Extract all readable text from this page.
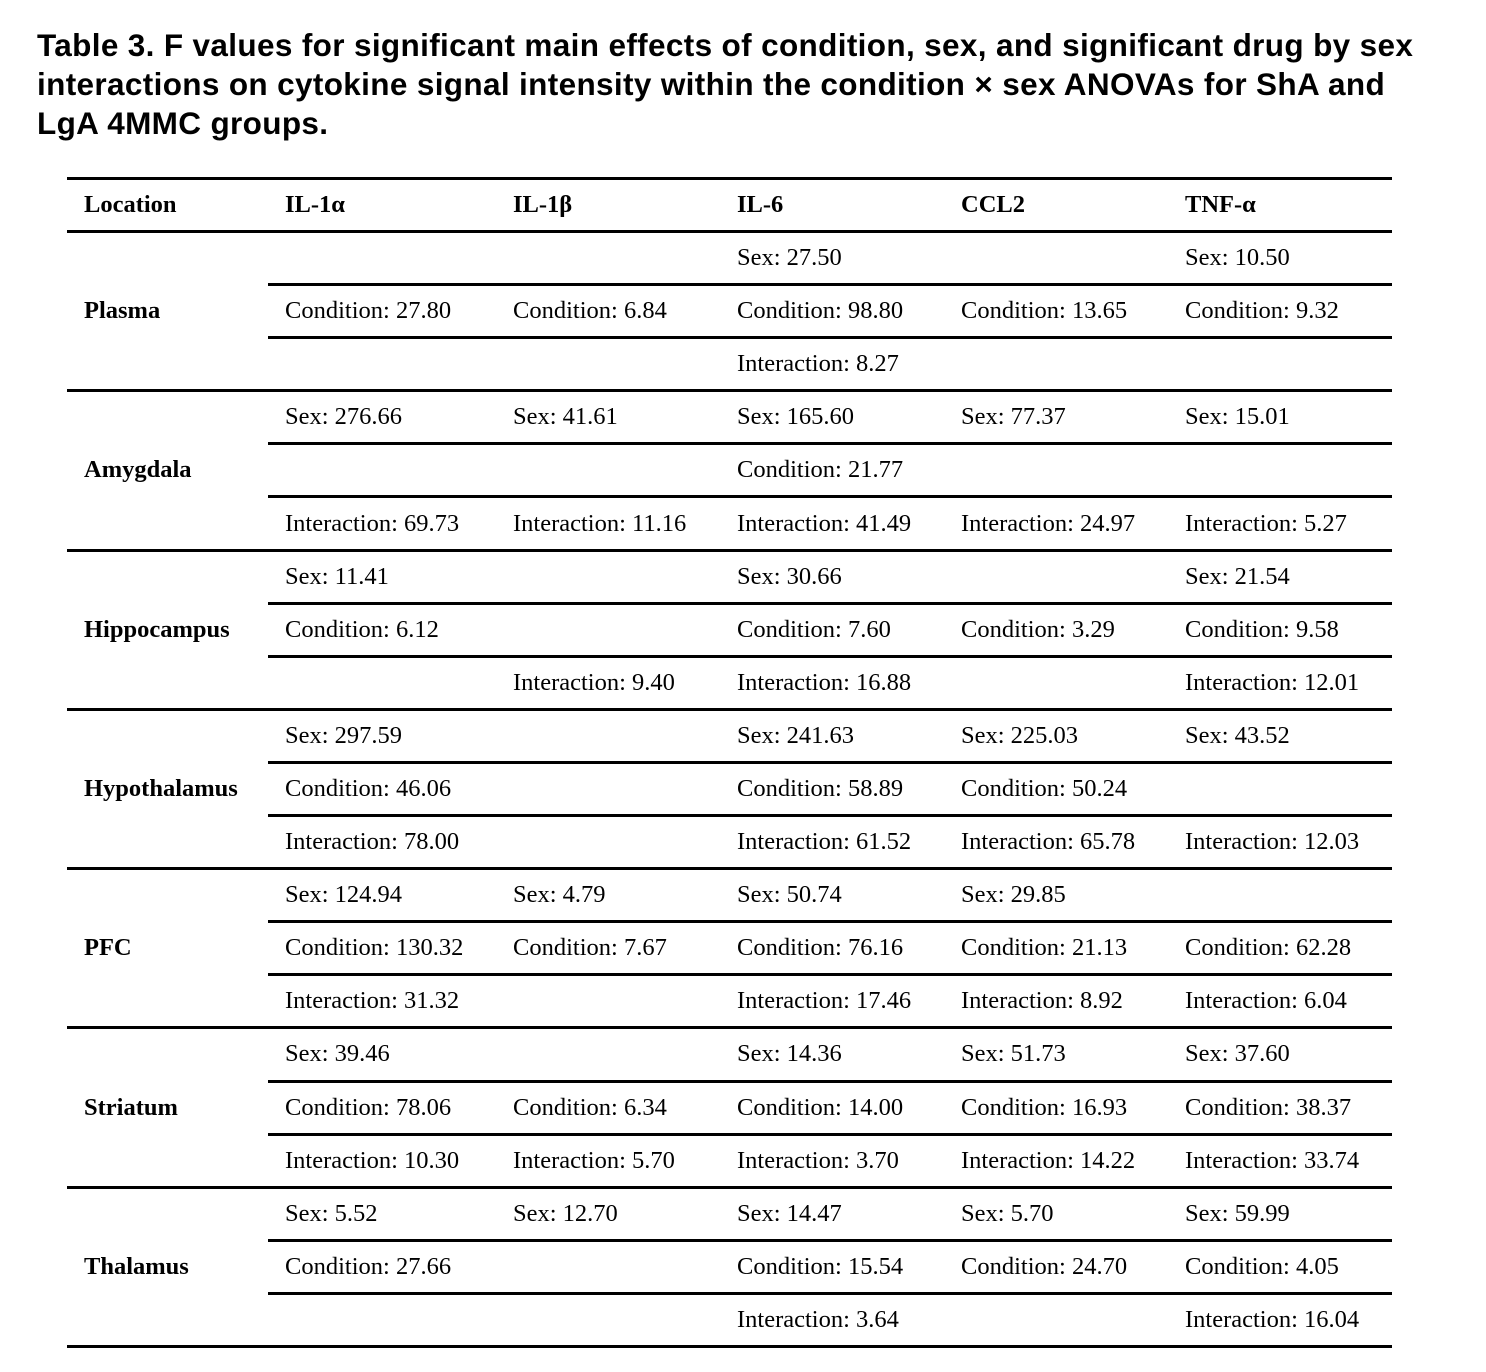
Table 3. F values for significant main effects of condition, sex, and significant drug by sex interactions on cytokine signal intensity within the condition × sex ANOVAs for ShA and LgA 4MMC groups.

Location	IL-1α	IL-1β	IL-6	CCL2	TNF-α
Plasma			Sex: 27.50		Sex: 10.50
	Condition: 27.80	Condition: 6.84	Condition: 98.80	Condition: 13.65	Condition: 9.32
			Interaction: 8.27		
Amygdala	Sex: 276.66	Sex: 41.61	Sex: 165.60	Sex: 77.37	Sex: 15.01
			Condition: 21.77		
	Interaction: 69.73	Interaction: 11.16	Interaction: 41.49	Interaction: 24.97	Interaction: 5.27
Hippocampus	Sex: 11.41		Sex: 30.66		Sex: 21.54
	Condition: 6.12		Condition: 7.60	Condition: 3.29	Condition: 9.58
		Interaction: 9.40	Interaction: 16.88		Interaction: 12.01
Hypothalamus	Sex: 297.59		Sex: 241.63	Sex: 225.03	Sex: 43.52
	Condition: 46.06		Condition: 58.89	Condition: 50.24	
	Interaction: 78.00		Interaction: 61.52	Interaction: 65.78	Interaction: 12.03
PFC	Sex: 124.94	Sex: 4.79	Sex: 50.74	Sex: 29.85	
	Condition: 130.32	Condition: 7.67	Condition: 76.16	Condition: 21.13	Condition: 62.28
	Interaction: 31.32		Interaction: 17.46	Interaction: 8.92	Interaction: 6.04
Striatum	Sex: 39.46		Sex: 14.36	Sex: 51.73	Sex: 37.60
	Condition: 78.06	Condition: 6.34	Condition: 14.00	Condition: 16.93	Condition: 38.37
	Interaction: 10.30	Interaction: 5.70	Interaction: 3.70	Interaction: 14.22	Interaction: 33.74
Thalamus	Sex: 5.52	Sex: 12.70	Sex: 14.47	Sex: 5.70	Sex: 59.99
	Condition: 27.66		Condition: 15.54	Condition: 24.70	Condition: 4.05
			Interaction: 3.64		Interaction: 16.04
